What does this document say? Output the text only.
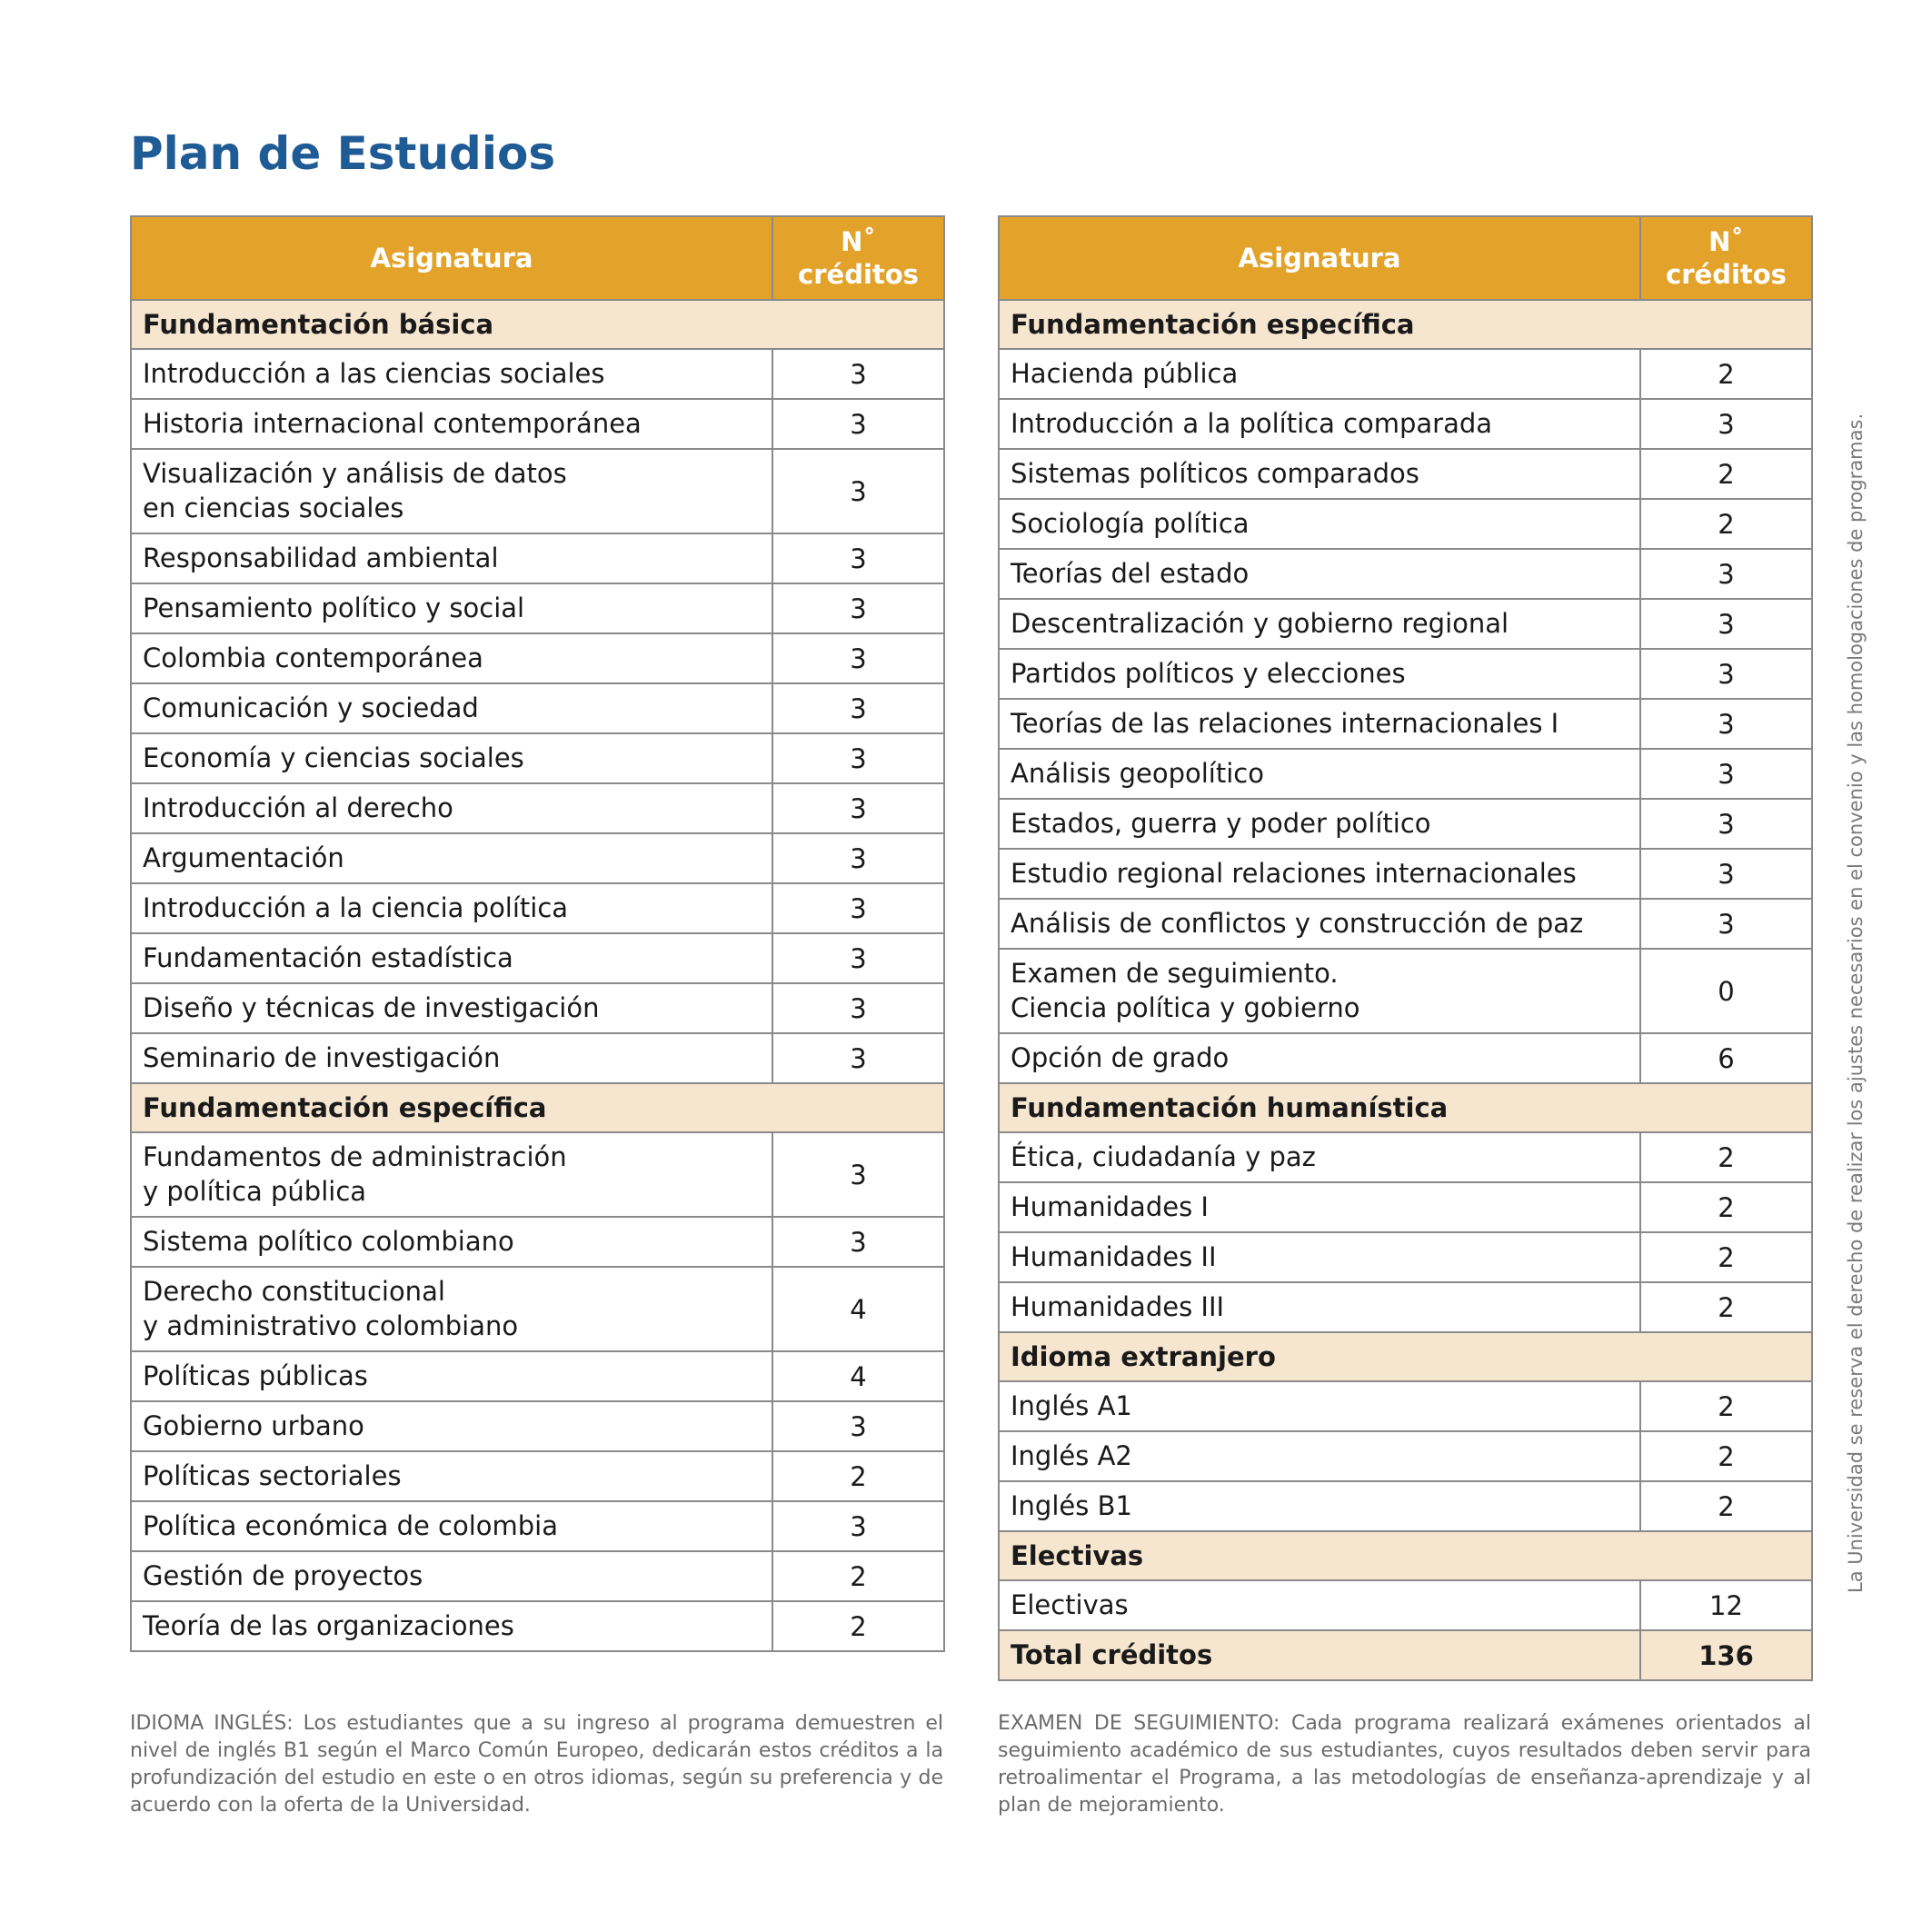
Plan de Estudios
Asignatura	N˚
créditos
Fundamentación básica	
Introducción a las ciencias sociales	3
Historia internacional contemporánea	3
Visualización y análisis de datos
en ciencias sociales	3
Responsabilidad ambiental	3
Pensamiento político y social	3
Colombia contemporánea	3
Comunicación y sociedad	3
Economía y ciencias sociales	3
Introducción al derecho	3
Argumentación	3
Introducción a la ciencia política	3
Fundamentación estadística	3
Diseño y técnicas de investigación	3
Seminario de investigación	3
Fundamentación específica	
Fundamentos de administración
y política pública	3
Sistema político colombiano	3
Derecho constitucional
y administrativo colombiano	4
Políticas públicas	4
Gobierno urbano	3
Políticas sectoriales	2
Política económica de colombia	3
Gestión de proyectos	2
Teoría de las organizaciones	2
Asignatura	N˚
créditos
Fundamentación específica	
Hacienda pública	2
Introducción a la política comparada	3
Sistemas políticos comparados	2
Sociología política	2
Teorías del estado	3
Descentralización y gobierno regional	3
Partidos políticos y elecciones	3
Teorías de las relaciones internacionales I	3
Análisis geopolítico	3
Estados, guerra y poder político	3
Estudio regional relaciones internacionales	3
Análisis de conflictos y construcción de paz	3
Examen de seguimiento.
Ciencia política y gobierno	0
Opción de grado	6
Fundamentación humanística	
Ética, ciudadanía y paz	2
Humanidades I	2
Humanidades II	2
Humanidades III	2
Idioma extranjero	
Inglés A1	2
Inglés A2	2
Inglés B1	2
Electivas	
Electivas	12
Total créditos	136

IDIOMA INGLÉS: Los estudiantes que a su ingreso al programa demuestren el nivel de inglés B1 según el Marco Común Europeo, dedicarán estos créditos a la profundización del estudio en este o en otros idiomas, según su preferencia y de acuerdo con la oferta de la Universidad.

EXAMEN DE SEGUIMIENTO: Cada programa realizará exámenes orientados al seguimiento académico de sus estudiantes, cuyos resultados deben servir para retroalimentar el Programa, a las metodologías de enseñanza-aprendizaje y al plan de mejoramiento.

La Universidad se reserva el derecho de realizar los ajustes necesarios en el convenio y las homologaciones de programas.
